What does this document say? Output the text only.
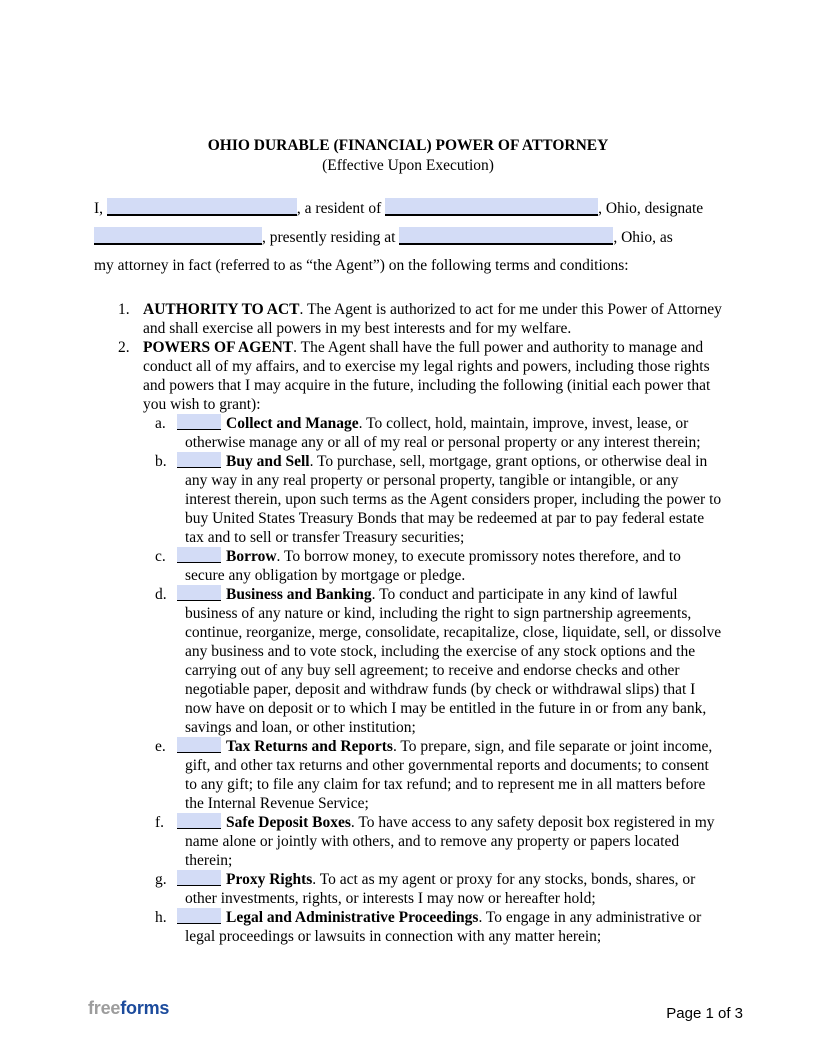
OHIO DURABLE (FINANCIAL) POWER OF ATTORNEY
(Effective Upon Execution)
I,	, a resident of	, Ohio, designate
, presently residing at	, Ohio, as
my attorney in fact (referred to as “the Agent”) on the following terms and conditions:
1. AUTHORITY TO ACT. The Agent is authorized to act for me under this Power of Attorney and shall exercise all powers in my best interests and for my welfare.
2. POWERS OF AGENT. The Agent shall have the full power and authority to manage and conduct all of my affairs, and to exercise my legal rights and powers, including those rights and powers that I may acquire in the future, including the following (initial each power that you wish to grant):
a.	Collect and Manage. To collect, hold, maintain, improve, invest, lease, or otherwise manage any or all of my real or personal property or any interest therein;
b.	Buy and Sell. To purchase, sell, mortgage, grant options, or otherwise deal in any way in any real property or personal property, tangible or intangible, or any interest therein, upon such terms as the Agent considers proper, including the power to buy United States Treasury Bonds that may be redeemed at par to pay federal estate tax and to sell or transfer Treasury securities;
c.	Borrow. To borrow money, to execute promissory notes therefore, and to secure any obligation by mortgage or pledge.
d.	Business and Banking. To conduct and participate in any kind of lawful business of any nature or kind, including the right to sign partnership agreements, continue, reorganize, merge, consolidate, recapitalize, close, liquidate, sell, or dissolve any business and to vote stock, including the exercise of any stock options and the carrying out of any buy sell agreement; to receive and endorse checks and other negotiable paper, deposit and withdraw funds (by check or withdrawal slips) that I now have on deposit or to which I may be entitled in the future in or from any bank, savings and loan, or other institution;
e.	Tax Returns and Reports. To prepare, sign, and file separate or joint income, gift, and other tax returns and other governmental reports and documents; to consent to any gift; to file any claim for tax refund; and to represent me in all matters before the Internal Revenue Service;
f.	Safe Deposit Boxes. To have access to any safety deposit box registered in my name alone or jointly with others, and to remove any property or papers located therein;
g.	Proxy Rights. To act as my agent or proxy for any stocks, bonds, shares, or other investments, rights, or interests I may now or hereafter hold;
h.	Legal and Administrative Proceedings. To engage in any administrative or legal proceedings or lawsuits in connection with any matter herein;
freeforms	Page 1 of 3
